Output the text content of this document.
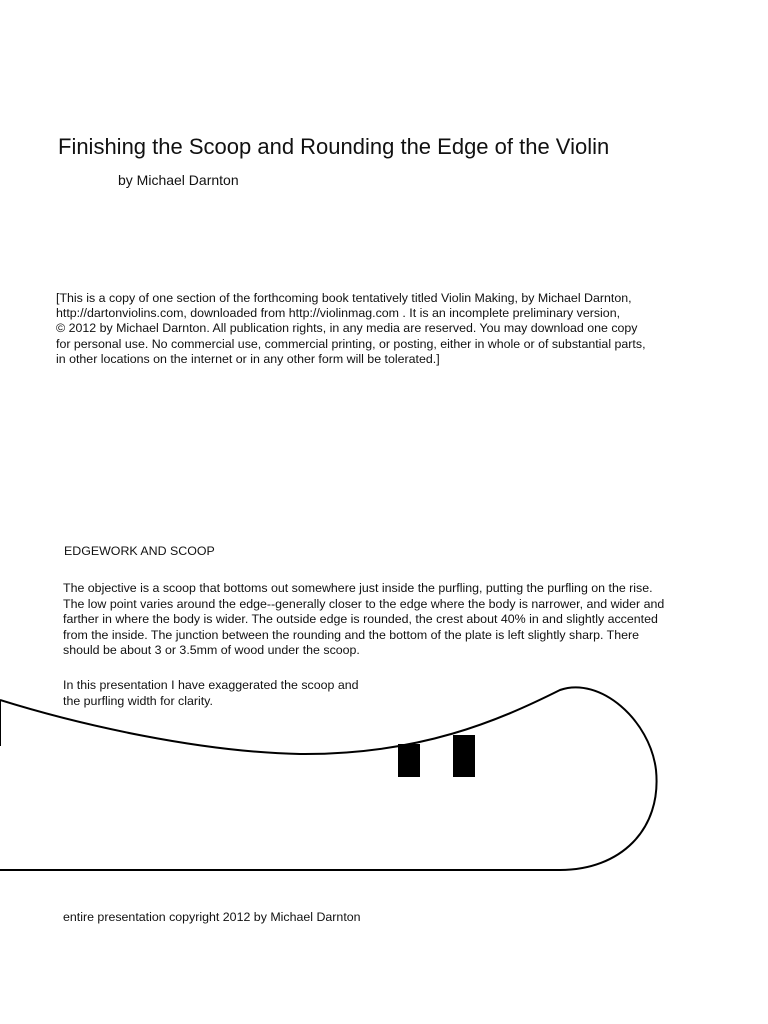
Finishing the Scoop and Rounding the Edge of the Violin
by Michael Darnton
[This is a copy of one section of the forthcoming book tentatively titled Violin Making, by Michael Darnton,
http://dartonviolins.com, downloaded from http://violinmag.com . It is an incomplete preliminary version,
© 2012 by Michael Darnton. All publication rights, in any media are reserved. You may download one copy
for personal use. No commercial use, commercial printing, or posting, either in whole or of substantial parts,
in other locations on the internet or in any other form will be tolerated.]
EDGEWORK AND SCOOP
The objective is a scoop that bottoms out somewhere just inside the purfling, putting the purfling on the rise.
The low point varies around the edge--generally closer to the edge where the body is narrower, and wider and
farther in where the body is wider. The outside edge is rounded, the crest about 40% in and slightly accented
from the inside. The junction between the rounding and the bottom of the plate is left slightly sharp. There
should be about 3 or 3.5mm of wood under the scoop.
In this presentation I have exaggerated the scoop and
the purfling width for clarity.
entire presentation copyright 2012 by Michael Darnton
